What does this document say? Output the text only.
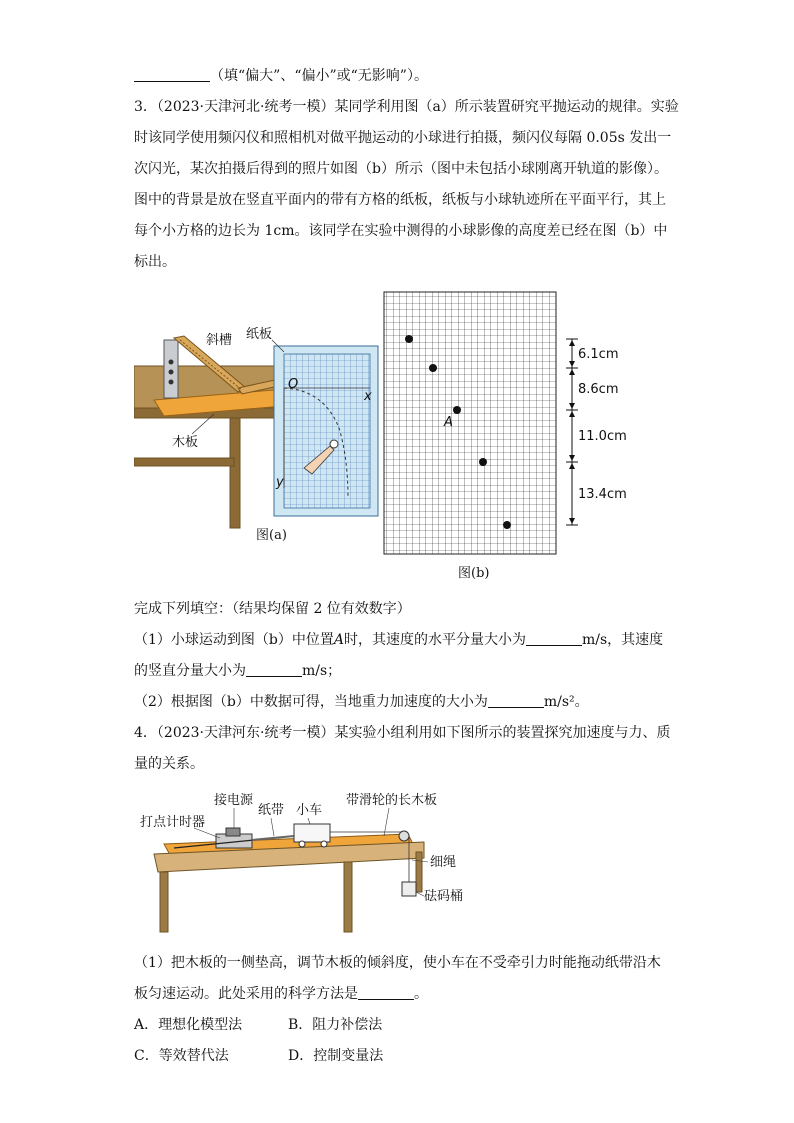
（填“偏大”、“偏小”或“无影响”）。
3．（2023·天津河北·统考一模）某同学利用图（a）所示装置研究平抛运动的规律。实验
时该同学使用频闪仪和照相机对做平抛运动的小球进行拍摄，频闪仪每隔 0.05s 发出一
次闪光，某次拍摄后得到的照片如图（b）所示（图中未包括小球刚离开轨道的影像）。
图中的背景是放在竖直平面内的带有方格的纸板，纸板与小球轨迹所在平面平行，其上
每个小方格的边长为 1cm。该同学在实验中测得的小球影像的高度差已经在图（b）中
标出。
斜槽 纸板
O
x
y
木板
图(a)
A
6.1cm
8.6cm
11.0cm
13.4cm
图(b)
完成下列填空：（结果均保留 2 位有效数字）
（1）小球运动到图（b）中位置A时，其速度的水平分量大小为	m/s，其速度
的竖直分量大小为	m/s；
（2）根据图（b）中数据可得，当地重力加速度的大小为	m/s²。
4．（2023·天津河东·统考一模）某实验小组利用如下图所示的装置探究加速度与力、质
量的关系。
接电源
纸带 小车
带滑轮的长木板
打点计时器
细绳
砝码桶
（1）把木板的一侧垫高，调节木板的倾斜度，使小车在不受牵引力时能拖动纸带沿木
板匀速运动。此处采用的科学方法是	。
A．理想化模型法	B．阻力补偿法
C．等效替代法	D．控制变量法
